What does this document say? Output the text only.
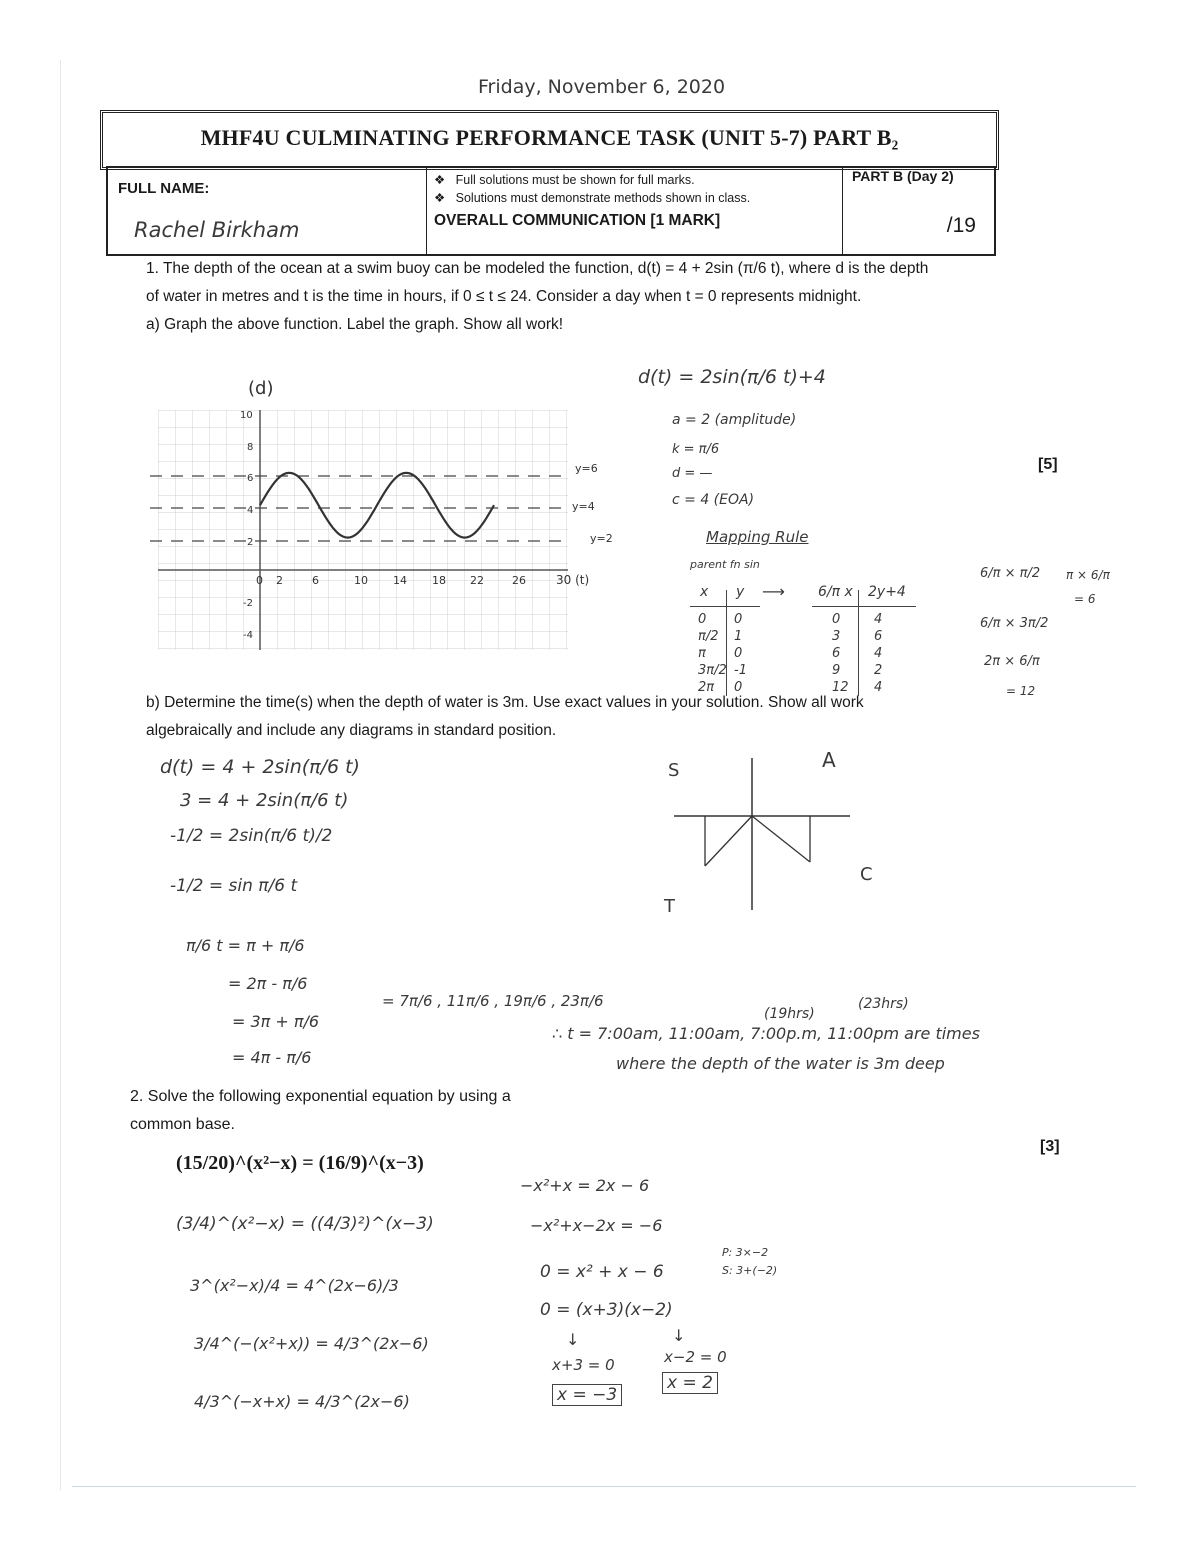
Friday, November 6, 2020
MHF4U CULMINATING PERFORMANCE TASK (UNIT 5-7) PART B₂
FULL NAME:
Rachel Birkham
❖   Full solutions must be shown for full marks.
❖   Solutions must demonstrate methods shown in class.
OVERALL COMMUNICATION [1 MARK]
PART B (Day 2)
/19
1. The depth of the ocean at a swim buoy can be modeled the function, d(t) = 4 + 2sin (π/6 t), where d is the depth
of water in metres and t is the time in hours, if 0 ≤ t ≤ 24. Consider a day when t = 0 represents midnight.
a) Graph the above function. Label the graph. Show all work!
[5]
(d)
10
8
6
4
2
-2
-4
0 2	6	10 14 18 22	26	30 (t)
y=6
y=4
y=2
d(t) = 2sin(π/6 t)+4
a = 2 (amplitude)
k = π/6
d = —
c = 4 (EOA)
Mapping Rule
parent fn sin
x y ⟶ 6/π x 2y+4
0 0	0	4
π/2 1	3	6
π 0	6	4
3π/2 -1	9	2
2π 0	12 4
6/π × π/2 π × 6/π
= 6
6/π × 3π/2
2π × 6/π
= 12
b) Determine the time(s) when the depth of water is 3m. Use exact values in your solution. Show all work
algebraically and include any diagrams in standard position.
d(t) = 4 + 2sin(π/6 t)
3 = 4 + 2sin(π/6 t)
-1/2 = 2sin(π/6 t)/2
-1/2 = sin π/6 t
π/6 t = π + π/6
= 2π - π/6
= 3π + π/6
= 4π - π/6
= 7π/6 , 11π/6 , 19π/6 , 23π/6
S	A
T
C
(19hrs)
(23hrs)
∴ t = 7:00am, 11:00am, 7:00p.m, 11:00pm are times
where the depth of the water is 3m deep
2. Solve the following exponential equation by using a
common base.
[3]
(15/20)^(x²−x) = (16/9)^(x−3)
(3/4)^(x²−x) = ((4/3)²)^(x−3)
3^(x²−x)/4 = 4^(2x−6)/3
3/4^(−(x²+x)) = 4/3^(2x−6)
4/3^(−x+x) = 4/3^(2x−6)
−x²+x = 2x − 6
−x²+x−2x = −6
0 = x² + x − 6
0 = (x+3)(x−2)
↓	↓
x+3 = 0	x−2 = 0
P: 3×−2
S: 3+(−2)
x = −3
x = 2
